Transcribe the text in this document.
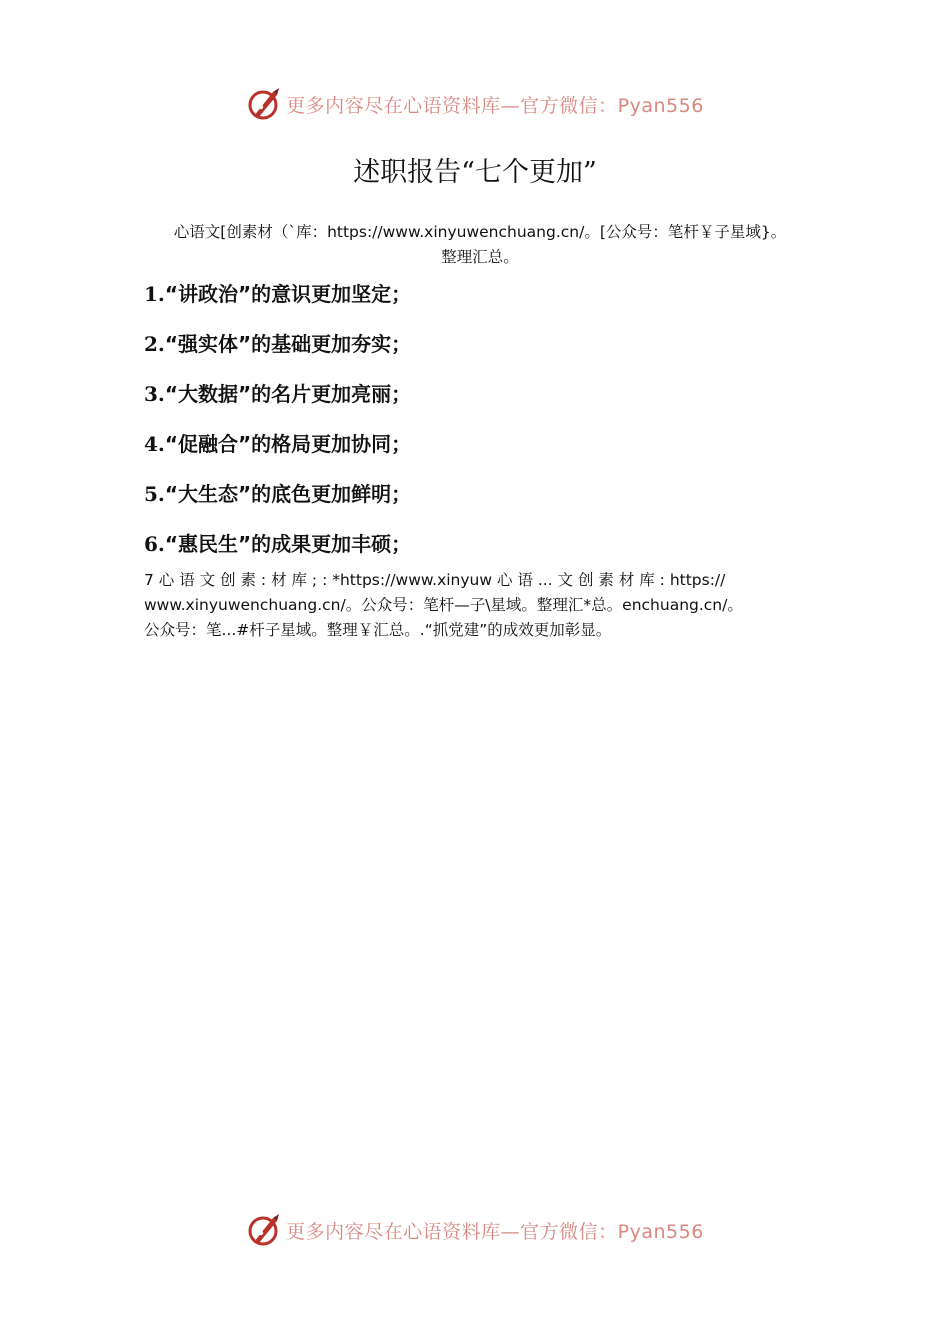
更多内容尽在心语资料库—官方微信：Pyan556
述职报告“七个更加”

心语文[创素材（`库：https://www.xinyuwenchuang.cn/。[公众号：笔杆￥子星域}。
整理汇总。

1.“讲政治”的意识更加坚定；
2.“强实体”的基础更加夯实；
3.“大数据”的名片更加亮丽；
4.“促融合”的格局更加协同；
5.“大生态”的底色更加鲜明；
6.“惠民生”的成果更加丰硕；

7 心 语 文 创 素 : 材 库 ; : *https://www.xinyuw 心 语 ... 文 创 素 材 库 : https://
www.xinyuwenchuang.cn/。公众号：笔杆—子\星域。整理汇*总。enchuang.cn/。
公众号：笔...#杆子星域。整理￥汇总。.“抓党建”的成效更加彰显。

更多内容尽在心语资料库—官方微信：Pyan556
